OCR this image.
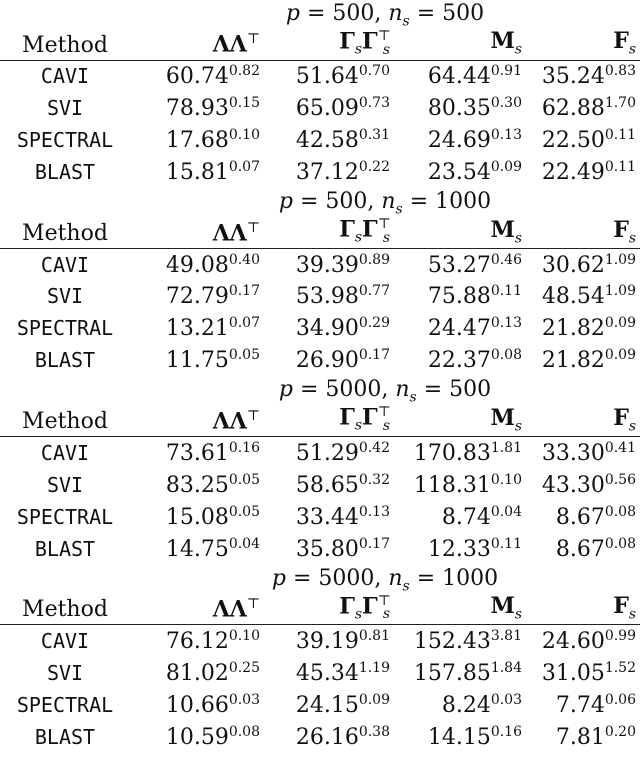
p = 500, $n_s = 500$
Method	ΛΛ⊤	$\Gamma_s\Gamma^⊤_s$	$M_s$	$F_s$
CAVI	$60.74^{0.82}$	$51.64^{0.70}$	$64.44^{0.91}$	$35.24^{0.83}$
SVI	$78.93^{0.15}$	$65.09^{0.73}$	$80.35^{0.30}$	$62.88^{1.70}$
SPECTRAL	$17.68^{0.10}$	$42.58^{0.31}$	$24.69^{0.13}$	$22.50^{0.11}$
BLAST	$15.81^{0.07}$	$37.12^{0.22}$	$23.54^{0.09}$	$22.49^{0.11}$
p = 500, $n_s = 1000$
Method	ΛΛ⊤	$\Gamma_s\Gamma^⊤_s$	$M_s$	$F_s$
CAVI	$49.08^{0.40}$	$39.39^{0.89}$	$53.27^{0.46}$	$30.62^{1.09}$
SVI	$72.79^{0.17}$	$53.98^{0.77}$	$75.88^{0.11}$	$48.54^{1.09}$
SPECTRAL	$13.21^{0.07}$	$34.90^{0.29}$	$24.47^{0.13}$	$21.82^{0.09}$
BLAST	$11.75^{0.05}$	$26.90^{0.17}$	$22.37^{0.08}$	$21.82^{0.09}$
p = 5000, $n_s = 500$
Method	ΛΛ⊤	$\Gamma_s\Gamma^⊤_s$	$M_s$	$F_s$
CAVI	$73.61^{0.16}$	$51.29^{0.42}$	$170.83^{1.81}$	$33.30^{0.41}$
SVI	$83.25^{0.05}$	$58.65^{0.32}$	$118.31^{0.10}$	$43.30^{0.56}$
SPECTRAL	$15.08^{0.05}$	$33.44^{0.13}$	$8.74^{0.04}$	$8.67^{0.08}$
BLAST	$14.75^{0.04}$	$35.80^{0.17}$	$12.33^{0.11}$	$8.67^{0.08}$
p = 5000, $n_s = 1000$
Method	ΛΛ⊤	$\Gamma_s\Gamma^⊤_s$	$M_s$	$F_s$
CAVI	$76.12^{0.10}$	$39.19^{0.81}$	$152.43^{3.81}$	$24.60^{0.99}$
SVI	$81.02^{0.25}$	$45.34^{1.19}$	$157.85^{1.84}$	$31.05^{1.52}$
SPECTRAL	$10.66^{0.03}$	$24.15^{0.09}$	$8.24^{0.03}$	$7.74^{0.06}$
BLAST	$10.59^{0.08}$	$26.16^{0.38}$	$14.15^{0.16}$	$7.81^{0.20}$
